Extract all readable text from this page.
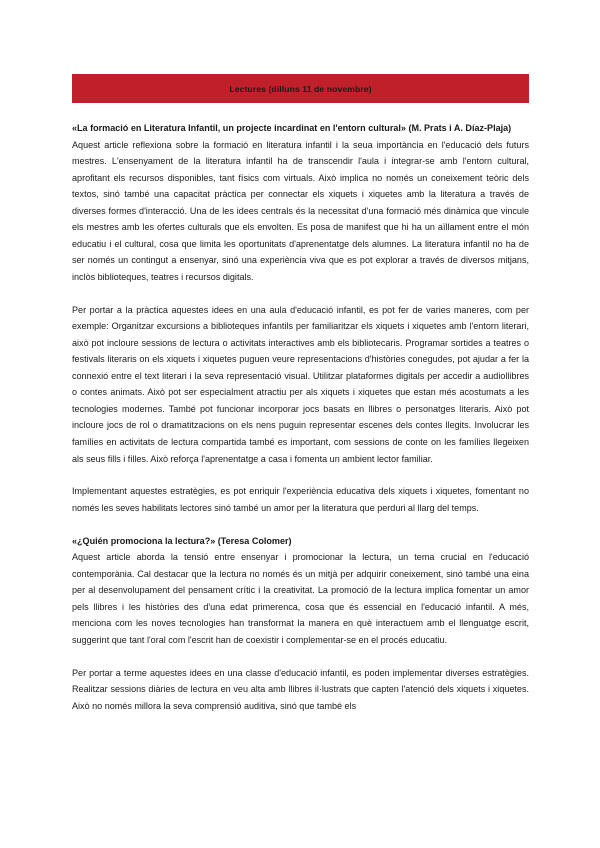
Lectures (dilluns 11 de novembre)

«La formació en Literatura Infantil, un projecte incardinat en l'entorn cultural» (M. Prats i A. Díaz-Plaja)

Aquest article reflexiona sobre la formació en literatura infantil i la seua importància en l'educació dels futurs mestres. L'ensenyament de la literatura infantil ha de transcendir l'aula i integrar-se amb l'entorn cultural, aprofitant els recursos disponibles, tant físics com virtuals. Això implica no només un coneixement teòric dels textos, sinó també una capacitat pràctica per connectar els xiquets i xiquetes amb la literatura a través de diverses formes d'interacció. Una de les idees centrals és la necessitat d'una formació més dinàmica que vincule els mestres amb les ofertes culturals que els envolten. Es posa de manifest que hi ha un aïllament entre el món educatiu i el cultural, cosa que limita les oportunitats d'aprenentatge dels alumnes. La literatura infantil no ha de ser només un contingut a ensenyar, sinó una experiència viva que es pot explorar a través de diversos mitjans, inclòs biblioteques, teatres i recursos digitals.

Per portar a la pràctica aquestes idees en una aula d'educació infantil, es pot fer de varies maneres, com per exemple: Organitzar excursions a biblioteques infantils per familiaritzar els xiquets i xiquetes amb l'entorn literari, això pot incloure sessions de lectura o activitats interactives amb els bibliotecaris. Programar sortides a teatres o festivals literaris on els xiquets i xiquetes puguen veure representacions d'històries conegudes, pot ajudar a fer la connexió entre el text literari i la seva representació visual. Utilitzar plataformes digitals per accedir a audiollibres o contes animats. Això pot ser especialment atractiu per als xiquets i xiquetes que estan més acostumats a les tecnologies modernes. També pot funcionar incorporar jocs basats en llibres o personatges literaris. Això pot incloure jocs de rol o dramatitzacions on els nens puguin representar escenes dels contes llegits. Involucrar les famílies en activitats de lectura compartida també es important, com sessions de conte on les famílies llegeixen als seus fills i filles. Això reforça l'aprenentatge a casa i fomenta un ambient lector familiar.

Implementant aquestes estratègies, es pot enriquir l'experiència educativa dels xiquets i xiquetes, fomentant no només les seves habilitats lectores sinó també un amor per la literatura que perduri al llarg del temps.

«¿Quién promociona la lectura?» (Teresa Colomer)

Aquest article aborda la tensió entre ensenyar i promocionar la lectura, un tema crucial en l'educació contemporània. Cal destacar que la lectura no només és un mitjà per adquirir coneixement, sinó també una eina per al desenvolupament del pensament crític i la creativitat. La promoció de la lectura implica fomentar un amor pels llibres i les històries des d'una edat primerenca, cosa que és essencial en l'educació infantil. A més, menciona com les noves tecnologies han transformat la manera en què interactuem amb el llenguatge escrit, suggerint que tant l'oral com l'escrit han de coexistir i complementar-se en el procés educatiu.

Per portar a terme aquestes idees en una classe d'educació infantil, es poden implementar diverses estratègies. Realitzar sessions diàries de lectura en veu alta amb llibres il·lustrats que capten l'atenció dels xiquets i xiquetes. Això no només millora la seva comprensió auditiva, sinó que també els
